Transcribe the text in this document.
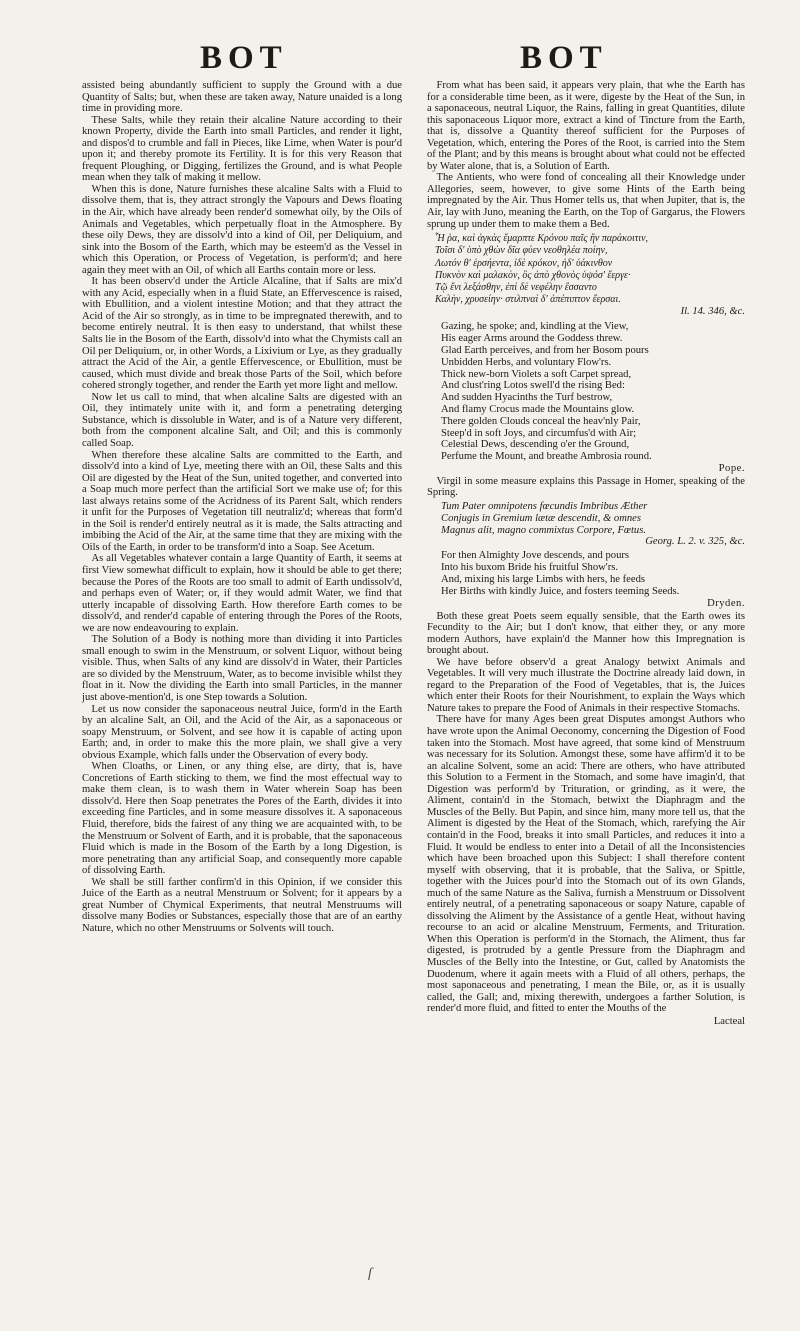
BOT	BOT

assisted being abundantly sufficient to supply the Ground with a due Quantity of Salts; but, when these are taken away, Nature unaided is a long time in providing more.

These Salts, while they retain their alcaline Nature according to their known Property, divide the Earth into small Particles, and render it light, and dispos'd to crumble and fall in Pieces, like Lime, when Water is pour'd upon it; and thereby promote its Fertility. It is for this very Reason that frequent Ploughing, or Digging, fertilizes the Ground, and is what People mean when they talk of making it mellow.

When this is done, Nature furnishes these alcaline Salts with a Fluid to dissolve them, that is, they attract strongly the Vapours and Dews floating in the Air, which have already been render'd somewhat oily, by the Oils of Animals and Vegetables, which perpetually float in the Atmosphere. By these oily Dews, they are dissolv'd into a kind of Oil, per Deliquium, and sink into the Bosom of the Earth, which may be esteem'd as the Vessel in which this Operation, or Process of Vegetation, is perform'd; and here again they meet with an Oil, of which all Earths contain more or less.

It has been observ'd under the Article Alcaline, that if Salts are mix'd with any Acid, especially when in a fluid State, an Effervescence is raised, with Ebullition, and a violent intestine Motion; and that they attract the Acid of the Air so strongly, as in time to be impregnated therewith, and to become entirely neutral. It is then easy to understand, that whilst these Salts lie in the Bosom of the Earth, dissolv'd into what the Chymists call an Oil per Deliquium, or, in other Words, a Lixivium or Lye, as they gradually attract the Acid of the Air, a gentle Effervescence, or Ebullition, must be caused, which must divide and break those Parts of the Soil, which before cohered strongly together, and render the Earth yet more light and mellow.

Now let us call to mind, that when alcaline Salts are digested with an Oil, they intimately unite with it, and form a penetrating deterging Substance, which is dissoluble in Water, and is of a Nature very different, both from the component alcaline Salt, and Oil; and this is commonly called Soap.

When therefore these alcaline Salts are committed to the Earth, and dissolv'd into a kind of Lye, meeting there with an Oil, these Salts and this Oil are digested by the Heat of the Sun, united together, and converted into a Soap much more perfect than the artificial Sort we make use of; for this last always retains some of the Acridness of its Parent Salt, which renders it unfit for the Purposes of Vegetation till neutraliz'd; whereas that form'd in the Soil is render'd entirely neutral as it is made, the Salts attracting and imbibing the Acid of the Air, at the same time that they are mixing with the Oils of the Earth, in order to be transform'd into a Soap. See Acetum.

As all Vegetables whatever contain a large Quantity of Earth, it seems at first View somewhat difficult to explain, how it should be able to get there; because the Pores of the Roots are too small to admit of Earth undissolv'd, and perhaps even of Water; or, if they would admit Water, we find that utterly incapable of dissolving Earth. How therefore Earth comes to be dissolv'd, and render'd capable of entering through the Pores of the Roots, we are now endeavouring to explain.

The Solution of a Body is nothing more than dividing it into Particles small enough to swim in the Menstruum, or solvent Liquor, without being visible. Thus, when Salts of any kind are dissolv'd in Water, their Particles are so divided by the Menstruum, Water, as to become invisible whilst they float in it. Now the dividing the Earth into small Particles, in the manner just above-mention'd, is one Step towards a Solution.

Let us now consider the saponaceous neutral Juice, form'd in the Earth by an alcaline Salt, an Oil, and the Acid of the Air, as a saponaceous or soapy Menstruum, or Solvent, and see how it is capable of acting upon Earth; and, in order to make this the more plain, we shall give a very obvious Example, which falls under the Observation of every body.

When Cloaths, or Linen, or any thing else, are dirty, that is, have Concretions of Earth sticking to them, we find the most effectual way to make them clean, is to wash them in Water wherein Soap has been dissolv'd. Here then Soap penetrates the Pores of the Earth, divides it into exceeding fine Particles, and in some measure dissolves it. A saponaceous Fluid, therefore, bids the fairest of any thing we are acquainted with, to be the Menstruum or Solvent of Earth, and it is probable, that the saponaceous Fluid which is made in the Bosom of the Earth by a long Digestion, is more penetrating than any artificial Soap, and consequently more capable of dissolving Earth.

We shall be still farther confirm'd in this Opinion, if we consider this Juice of the Earth as a neutral Menstruum or Solvent; for it appears by a great Number of Chymical Experiments, that neutral Menstruums will dissolve many Bodies or Substances, especially those that are of an earthy Nature, which no other Menstruums or Solvents will touch.

From what has been said, it appears very plain, that whe the Earth has for a considerable time been, as it were, digeste by the Heat of the Sun, in a saponaceous, neutral Liquor, the Rains, falling in great Quantities, dilute this saponaceous Liquor more, extract a kind of Tincture from the Earth, that is, dissolve a Quantity thereof sufficient for the Purposes of Vegetation, which, entering the Pores of the Root, is carried into the Stem of the Plant; and by this means is brought about what could not be effected by Water alone, that is, a Solution of Earth.

The Antients, who were fond of concealing all their Knowledge under Allegories, seem, however, to give some Hints of the Earth being impregnated by the Air. Thus Homer tells us, that when Jupiter, that is, the Air, lay with Juno, meaning the Earth, on the Top of Gargarus, the Flowers sprung up under them to make them a Bed.

Ἦ ῥα, καὶ ἀγκὰς ἔμαρπτε Κρόνου παῖς ἣν παράκοιτιν,
Τοῖσι δ' ὑπὸ χθὼν δῖα φύεν νεοθηλέα ποίην,
Λωτόν θ' ἑρσήεντα, ἰδὲ κρόκον, ἠδ' ὑάκινθον
Πυκνὸν καὶ μαλακὸν, ὃς ἀπὸ χθονὸς ὑψόσ' ἔεργε·
Τῷ ἔνι λεξάσθην, ἐπὶ δὲ νεφέλην ἕσσαντο
Καλὴν, χρυσείην· στιλπναὶ δ' ἀπέπιπτον ἔερσαι.
Il. 14. 346, &c.
Gazing, he spoke; and, kindling at the View,
His eager Arms around the Goddess threw.
Glad Earth perceives, and from her Bosom pours
Unbidden Herbs, and voluntary Flow'rs.
Thick new-born Violets a soft Carpet spread,
And clust'ring Lotos swell'd the rising Bed:
And sudden Hyacinths the Turf bestrow,
And flamy Crocus made the Mountains glow.
There golden Clouds conceal the heav'nly Pair,
Steep'd in soft Joys, and circumfus'd with Air;
Celestial Dews, descending o'er the Ground,
Perfume the Mount, and breathe Ambrosia round.
Pope.

Virgil in some measure explains this Passage in Homer, speaking of the Spring.

Tum Pater omnipotens fœcundis Imbribus Æther
Conjugis in Gremium lætæ descendit, & omnes
Magnus alit, magno commixtus Corpore, Fœtus.
Georg. L. 2. v. 325, &c.
For then Almighty Jove descends, and pours
Into his buxom Bride his fruitful Show'rs.
And, mixing his large Limbs with hers, he feeds
Her Births with kindly Juice, and fosters teeming Seeds.
Dryden.

Both these great Poets seem equally sensible, that the Earth owes its Fecundity to the Air; but I don't know, that either they, or any more modern Authors, have explain'd the Manner how this Impregnation is brought about.

We have before observ'd a great Analogy betwixt Animals and Vegetables. It will very much illustrate the Doctrine already laid down, in regard to the Preparation of the Food of Vegetables, that is, the Juices which enter their Roots for their Nourishment, to explain the Ways which Nature takes to prepare the Food of Animals in their respective Stomachs.

There have for many Ages been great Disputes amongst Authors who have wrote upon the Animal Oeconomy, concerning the Digestion of Food taken into the Stomach. Most have agreed, that some kind of Menstruum was necessary for its Solution. Amongst these, some have affirm'd it to be an alcaline Solvent, some an acid: There are others, who have attributed this Solution to a Ferment in the Stomach, and some have imagin'd, that Digestion was perform'd by Trituration, or grinding, as it were, the Aliment, contain'd in the Stomach, betwixt the Diaphragm and the Muscles of the Belly. But Papin, and since him, many more tell us, that the Aliment is digested by the Heat of the Stomach, which, rarefying the Air contain'd in the Food, breaks it into small Particles, and reduces it into a Fluid. It would be endless to enter into a Detail of all the Inconsistencies which have been broached upon this Subject: I shall therefore content myself with observing, that it is probable, that the Saliva, or Spittle, together with the Juices pour'd into the Stomach out of its own Glands, much of the same Nature as the Saliva, furnish a Menstruum or Dissolvent entirely neutral, of a penetrating saponaceous or soapy Nature, capable of dissolving the Aliment by the Assistance of a gentle Heat, without having recourse to an acid or alcaline Menstruum, Ferments, and Trituration. When this Operation is perform'd in the Stomach, the Aliment, thus far digested, is protruded by a gentle Pressure from the Diaphragm and Muscles of the Belly into the Intestine, or Gut, called by Anatomists the Duodenum, where it again meets with a Fluid of all others, perhaps, the most saponaceous and penetrating, I mean the Bile, or, as it is usually called, the Gall; and, mixing therewith, undergoes a farther Solution, is render'd more fluid, and fitted to enter the Mouths of the

Lacteal
ſ
